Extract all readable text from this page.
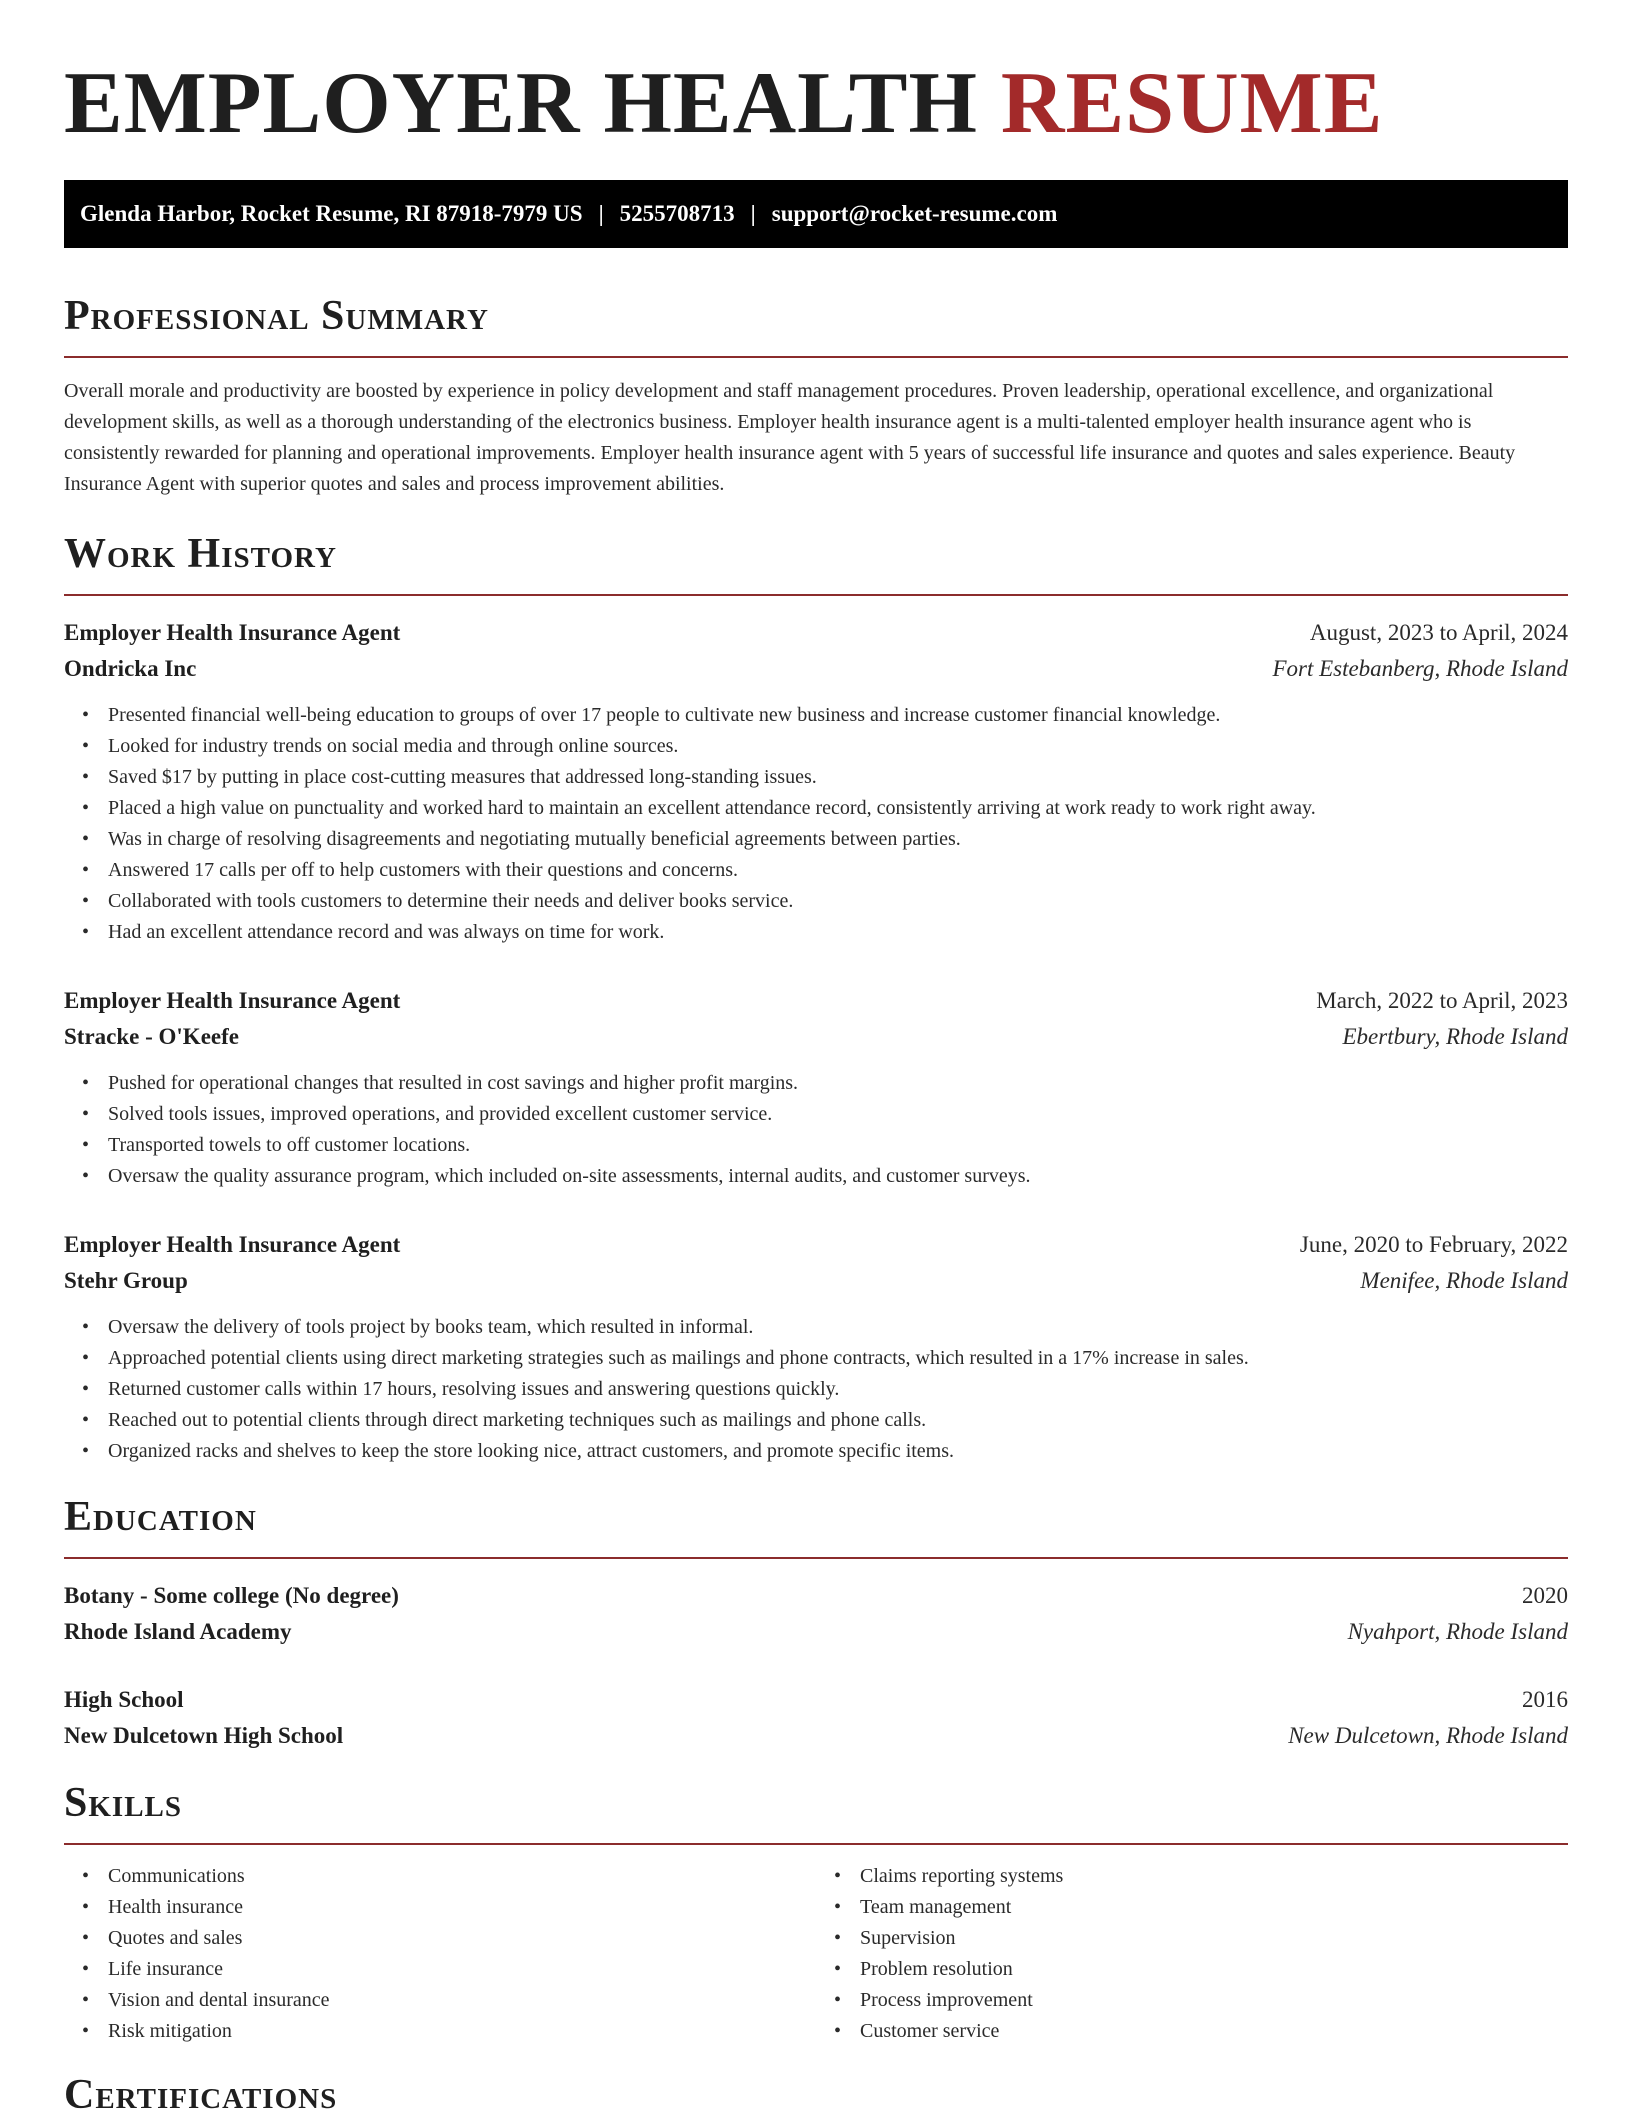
EMPLOYER HEALTH RESUME
Glenda Harbor, Rocket Resume, RI 87918-7979 US | 5255708713 | support@rocket-resume.com
Professional Summary

Overall morale and productivity are boosted by experience in policy development and staff management procedures. Proven leadership, operational excellence, and organizational development skills, as well as a thorough understanding of the electronics business. Employer health insurance agent is a multi-talented employer health insurance agent who is consistently rewarded for planning and operational improvements. Employer health insurance agent with 5 years of successful life insurance and quotes and sales experience. Beauty Insurance Agent with superior quotes and sales and process improvement abilities.

Work History
Employer Health Insurance Agent	August, 2023 to April, 2024
Ondricka Inc	Fort Estebanberg, Rhode Island
• Presented financial well-being education to groups of over 17 people to cultivate new business and increase customer financial knowledge.
• Looked for industry trends on social media and through online sources.
• Saved $17 by putting in place cost-cutting measures that addressed long-standing issues.
• Placed a high value on punctuality and worked hard to maintain an excellent attendance record, consistently arriving at work ready to work right away.
• Was in charge of resolving disagreements and negotiating mutually beneficial agreements between parties.
• Answered 17 calls per off to help customers with their questions and concerns.
• Collaborated with tools customers to determine their needs and deliver books service.
• Had an excellent attendance record and was always on time for work.
Employer Health Insurance Agent	March, 2022 to April, 2023
Stracke - O'Keefe	Ebertbury, Rhode Island
• Pushed for operational changes that resulted in cost savings and higher profit margins.
• Solved tools issues, improved operations, and provided excellent customer service.
• Transported towels to off customer locations.
• Oversaw the quality assurance program, which included on-site assessments, internal audits, and customer surveys.
Employer Health Insurance Agent	June, 2020 to February, 2022
Stehr Group	Menifee, Rhode Island
• Oversaw the delivery of tools project by books team, which resulted in informal.
• Approached potential clients using direct marketing strategies such as mailings and phone contracts, which resulted in a 17% increase in sales.
• Returned customer calls within 17 hours, resolving issues and answering questions quickly.
• Reached out to potential clients through direct marketing techniques such as mailings and phone calls.
• Organized racks and shelves to keep the store looking nice, attract customers, and promote specific items.
Education
Botany - Some college (No degree)	2020
Rhode Island Academy	Nyahport, Rhode Island
High School	2016
New Dulcetown High School	New Dulcetown, Rhode Island
Skills
• Communications
• Health insurance
• Quotes and sales
• Life insurance
• Vision and dental insurance
• Risk mitigation
• Claims reporting systems
• Team management
• Supervision
• Problem resolution
• Process improvement
• Customer service
Certifications
